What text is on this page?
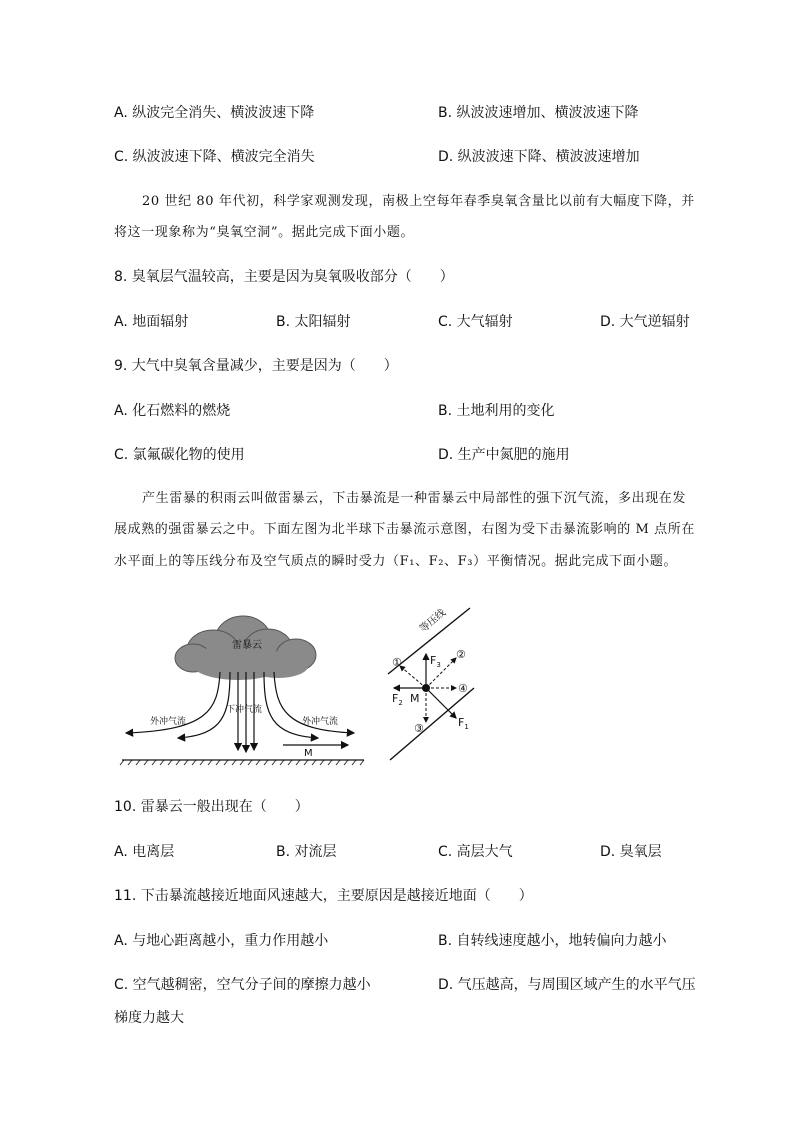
A. 纵波完全消失、横波波速下降	B. 纵波波速增加、横波波速下降
C. 纵波波速下降、横波完全消失	D. 纵波波速下降、横波波速增加
20 世纪 80 年代初，科学家观测发现，南极上空每年春季臭氧含量比以前有大幅度下降，并
将这一现象称为“臭氧空洞”。据此完成下面小题。
8. 臭氧层气温较高，主要是因为臭氧吸收部分（　　）
A. 地面辐射	B. 太阳辐射	C. 大气辐射	D. 大气逆辐射
9. 大气中臭氧含量减少，主要是因为（　　）
A. 化石燃料的燃烧	B. 土地利用的变化
C. 氯氟碳化物的使用	D. 生产中氮肥的施用
产生雷暴的积雨云叫做雷暴云，下击暴流是一种雷暴云中局部性的强下沉气流，多出现在发
展成熟的强雷暴云之中。下面左图为北半球下击暴流示意图，右图为受下击暴流影响的 M 点所在
水平面上的等压线分布及空气质点的瞬时受力（F₁、F₂、F₃）平衡情况。据此完成下面小题。
雷暴云
下冲气流
外冲气流	外冲气流
M
等压线
M
$F_3$
$F_2$
$F_1$
①
②
③
④
10. 雷暴云一般出现在（　　）
A. 电离层	B. 对流层	C. 高层大气	D. 臭氧层
11. 下击暴流越接近地面风速越大，主要原因是越接近地面（　　）
A. 与地心距离越小，重力作用越小	B. 自转线速度越小，地转偏向力越小
C. 空气越稠密，空气分子间的摩擦力越小	D. 气压越高，与周围区域产生的水平气压
梯度力越大
